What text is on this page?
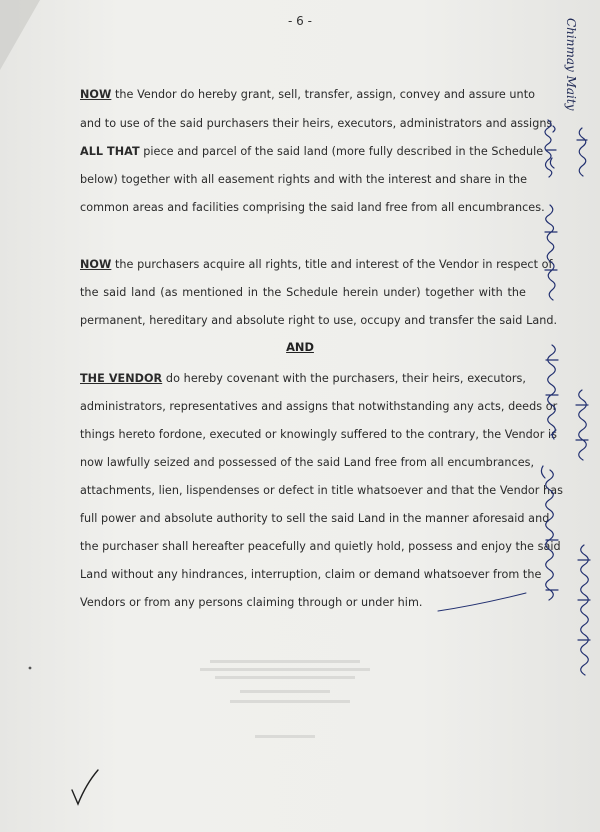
- 6 -
NOW the Vendor do hereby grant, sell, transfer, assign, convey and assure unto
and to use of the said purchasers their heirs, executors, administrators and assigns
ALL THAT piece and parcel of the said land (more fully described in the Schedule
below) together with all easement rights and with the interest and share in the
common areas and facilities comprising the said land free from all encumbrances.
NOW the purchasers acquire all rights, title and interest of the Vendor in respect of
the said land (as mentioned in the Schedule herein under) together with the
permanent, hereditary and absolute right to use, occupy and transfer the said Land.
AND
THE VENDOR do hereby covenant with the purchasers, their heirs, executors,
administrators, representatives and assigns that notwithstanding any acts, deeds or
things hereto fordone, executed or knowingly suffered to the contrary, the Vendor is
now lawfully seized and possessed of the said Land free from all encumbrances,
attachments, lien, lispendenses or defect in title whatsoever and that the Vendor has
full power and absolute authority to sell the said Land in the manner aforesaid and
the purchaser shall hereafter peacefully and quietly hold, possess and enjoy the said
Land without any hindrances, interruption, claim or demand whatsoever from the
Vendors or from any persons claiming through or under him.
Chinmay Maity
